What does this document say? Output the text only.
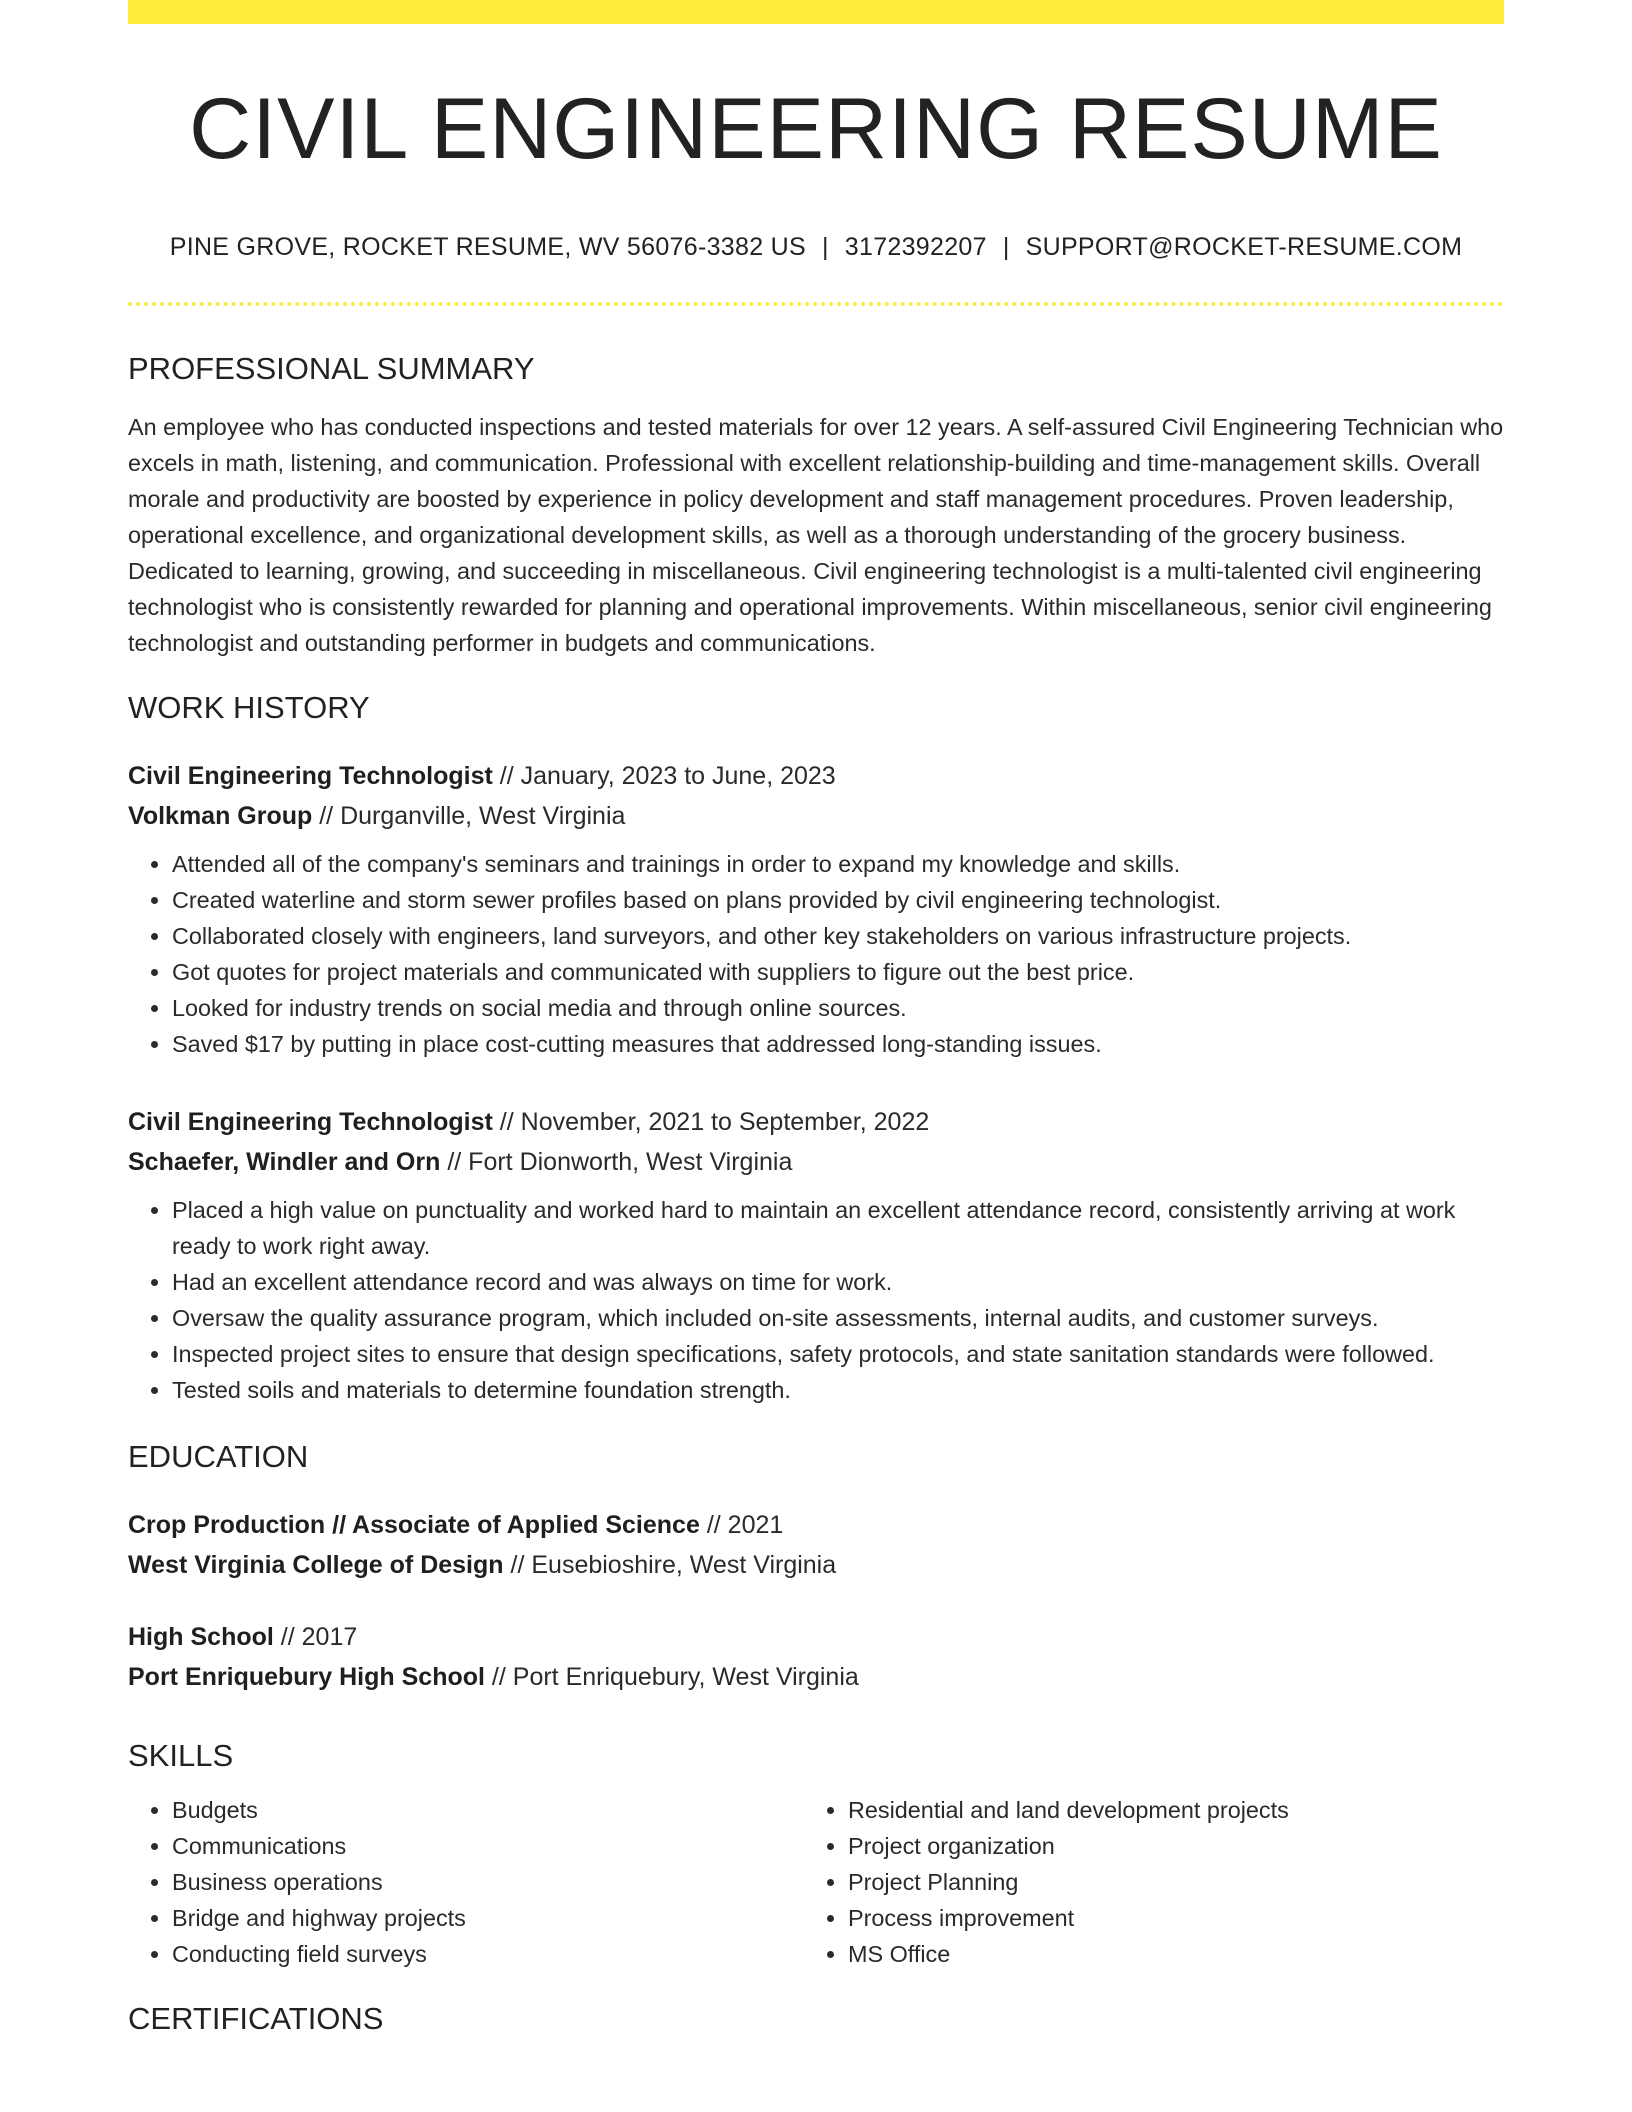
CIVIL ENGINEERING RESUME
PINE GROVE, ROCKET RESUME, WV 56076-3382 US | 3172392207 | SUPPORT@ROCKET-RESUME.COM
PROFESSIONAL SUMMARY
An employee who has conducted inspections and tested materials for over 12 years. A self-assured Civil Engineering Technician who excels in math, listening, and communication. Professional with excellent relationship-building and time-management skills. Overall morale and productivity are boosted by experience in policy development and staff management procedures. Proven leadership, operational excellence, and organizational development skills, as well as a thorough understanding of the grocery business. Dedicated to learning, growing, and succeeding in miscellaneous. Civil engineering technologist is a multi-talented civil engineering technologist who is consistently rewarded for planning and operational improvements. Within miscellaneous, senior civil engineering technologist and outstanding performer in budgets and communications.
WORK HISTORY
Civil Engineering Technologist // January, 2023 to June, 2023
Volkman Group // Durganville, West Virginia
• Attended all of the company's seminars and trainings in order to expand my knowledge and skills.
• Created waterline and storm sewer profiles based on plans provided by civil engineering technologist.
• Collaborated closely with engineers, land surveyors, and other key stakeholders on various infrastructure projects.
• Got quotes for project materials and communicated with suppliers to figure out the best price.
• Looked for industry trends on social media and through online sources.
• Saved $17 by putting in place cost-cutting measures that addressed long-standing issues.
Civil Engineering Technologist // November, 2021 to September, 2022
Schaefer, Windler and Orn // Fort Dionworth, West Virginia
• Placed a high value on punctuality and worked hard to maintain an excellent attendance record, consistently arriving at work ready to work right away.
• Had an excellent attendance record and was always on time for work.
• Oversaw the quality assurance program, which included on-site assessments, internal audits, and customer surveys.
• Inspected project sites to ensure that design specifications, safety protocols, and state sanitation standards were followed.
• Tested soils and materials to determine foundation strength.
EDUCATION
Crop Production // Associate of Applied Science // 2021
West Virginia College of Design // Eusebioshire, West Virginia
High School // 2017
Port Enriquebury High School // Port Enriquebury, West Virginia
SKILLS
• Budgets
• Communications
• Business operations
• Bridge and highway projects
• Conducting field surveys
• Residential and land development projects
• Project organization
• Project Planning
• Process improvement
• MS Office
CERTIFICATIONS
